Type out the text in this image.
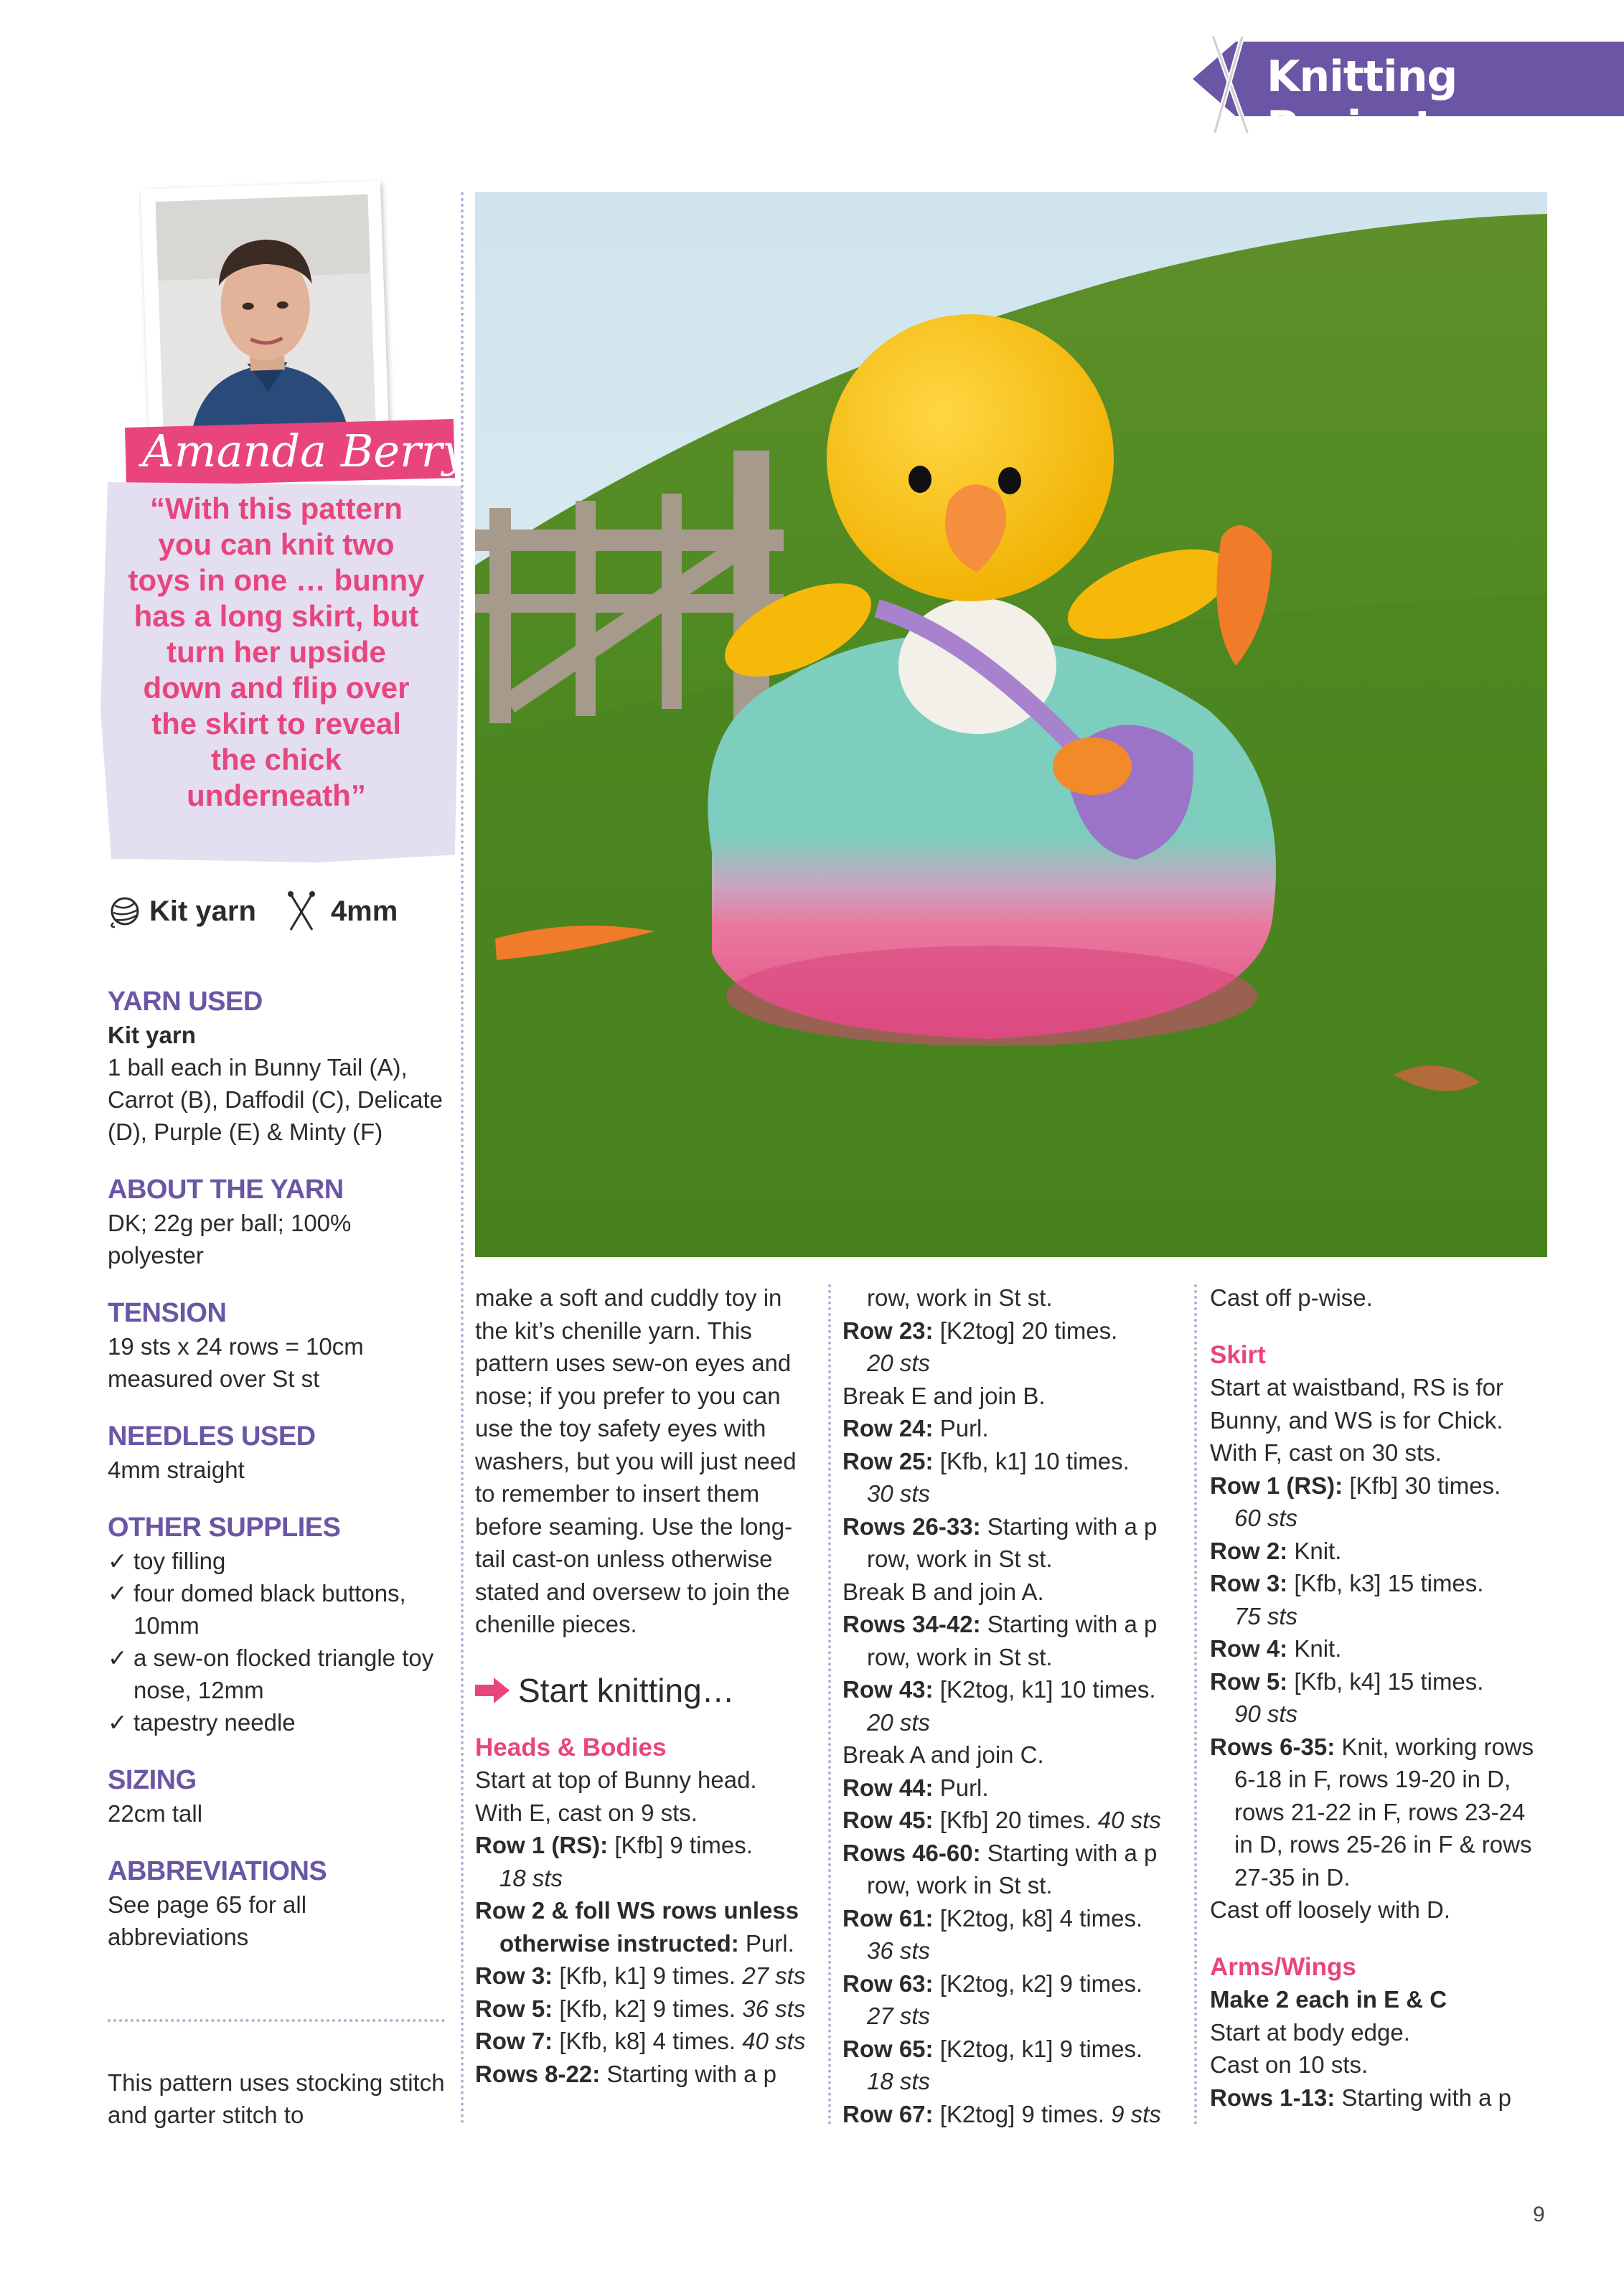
Knitting Project
Amanda Berry
“With this pattern you can knit two toys in one … bunny has a long skirt, but turn her upside down and flip over the skirt to reveal the chick underneath”
Kit yarn	4mm
YARN USED
Kit yarn
1 ball each in Bunny Tail (A), Carrot (B), Daffodil (C), Delicate (D), Purple (E) & Minty (F)
ABOUT THE YARN
DK; 22g per ball; 100% polyester
TENSION
19 sts x 24 rows = 10cm measured over St st
NEEDLES USED
4mm straight
OTHER SUPPLIES
✓ toy filling
✓ four domed black buttons, 10mm
✓ a sew-on flocked triangle toy nose, 12mm
✓ tapestry needle
SIZING
22cm tall
ABBREVIATIONS
See page 65 for all abbreviations
This pattern uses stocking stitch and garter stitch to

make a soft and cuddly toy in the kit’s chenille yarn. This pattern uses sew-on eyes and nose; if you prefer to you can use the toy safety eyes with washers, but you will just need to remember to insert them before seaming. Use the long-tail cast-on unless otherwise stated and oversew to join the chenille pieces.

Start knitting…

Heads & Bodies

Start at top of Bunny head.

With E, cast on 9 sts.

Row 1 (RS): [Kfb] 9 times.

18 sts

Row 2 & foll WS rows unless otherwise instructed: Purl.

Row 3: [Kfb, k1] 9 times. 27 sts

Row 5: [Kfb, k2] 9 times. 36 sts

Row 7: [Kfb, k8] 4 times. 40 sts

Rows 8-22: Starting with a p

row, work in St st.

Row 23: [K2tog] 20 times.

20 sts

Break E and join B.

Row 24: Purl.

Row 25: [Kfb, k1] 10 times.

30 sts

Rows 26-33: Starting with a p row, work in St st.

Break B and join A.

Rows 34-42: Starting with a p row, work in St st.

Row 43: [K2tog, k1] 10 times.

20 sts

Break A and join C.

Row 44: Purl.

Row 45: [Kfb] 20 times. 40 sts

Rows 46-60: Starting with a p row, work in St st.

Row 61: [K2tog, k8] 4 times.

36 sts

Row 63: [K2tog, k2] 9 times.

27 sts

Row 65: [K2tog, k1] 9 times.

18 sts

Row 67: [K2tog] 9 times. 9 sts

Cast off p-wise.

Skirt

Start at waistband, RS is for Bunny, and WS is for Chick.

With F, cast on 30 sts.

Row 1 (RS): [Kfb] 30 times.

60 sts

Row 2: Knit.

Row 3: [Kfb, k3] 15 times.

75 sts

Row 4: Knit.

Row 5: [Kfb, k4] 15 times.

90 sts

Rows 6-35: Knit, working rows 6-18 in F, rows 19-20 in D, rows 21-22 in F, rows 23-24 in D, rows 25-26 in F & rows 27-35 in D.

Cast off loosely with D.

Arms/Wings

Make 2 each in E & C

Start at body edge.

Cast on 10 sts.

Rows 1-13: Starting with a p

9
